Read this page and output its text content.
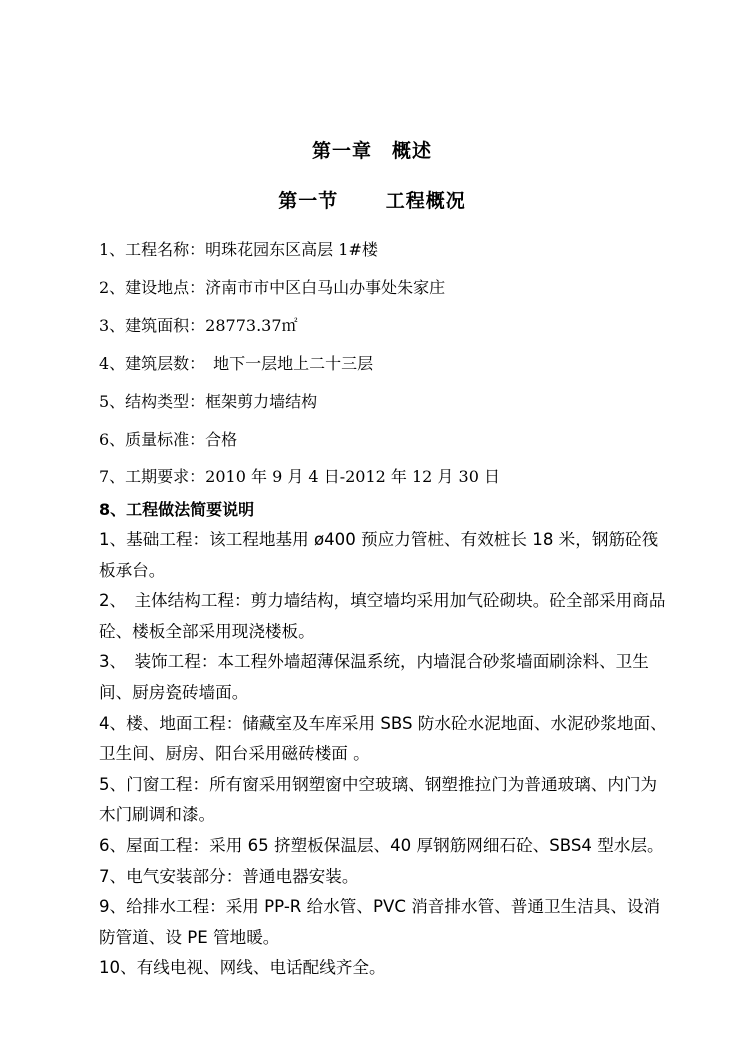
第一章　概述
第一节　 工程概况
1、工程名称：明珠花园东区高层 1#楼
2、建设地点：济南市市中区白马山办事处朱家庄
3、建筑面积：28773.37㎡
4、建筑层数：　地下一层地上二十三层
5、结构类型：框架剪力墙结构
6、质量标准：合格
7、工期要求：2010 年 9 月 4 日-2012 年 12 月 30 日
8、工程做法简要说明

1、基础工程：该工程地基用 ø400 预应力管桩、有效桩长 18 米，钢筋砼筏板承台。

2、　主体结构工程：剪力墙结构，填空墙均采用加气砼砌块。砼全部采用商品砼、楼板全部采用现浇楼板。

3、　装饰工程：本工程外墙超薄保温系统，内墙混合砂浆墙面刷涂料、卫生间、厨房瓷砖墙面。

4、楼、地面工程：储藏室及车库采用 SBS 防水砼水泥地面、水泥砂浆地面、卫生间、厨房、阳台采用磁砖楼面 。

5、门窗工程：所有窗采用钢塑窗中空玻璃、钢塑推拉门为普通玻璃、内门为木门刷调和漆。

6、屋面工程：采用 65 挤塑板保温层、40 厚钢筋网细石砼、SBS4 型水层。

7、电气安装部分：普通电器安装。

9、给排水工程：采用 PP-R 给水管、PVC 消音排水管、普通卫生洁具、设消防管道、设 PE 管地暖。

10、有线电视、网线、电话配线齐全。
